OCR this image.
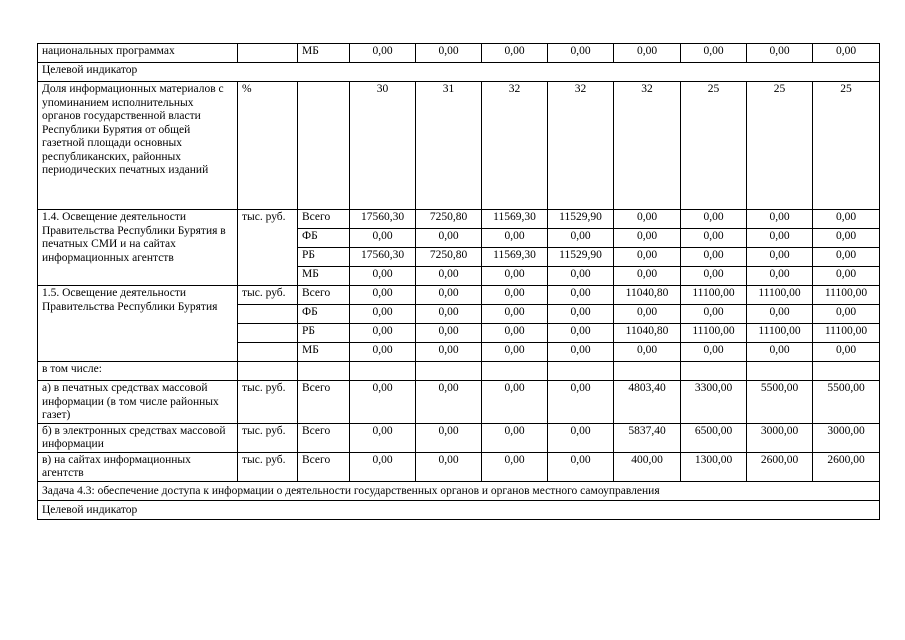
национальных программах		МБ	0,00	0,00	0,00	0,00	0,00	0,00	0,00	0,00
Целевой индикатор										
Доля информационных материалов с упоминанием исполнительных органов государственной власти Республики Бурятия от общей газетной площади основных республиканских, районных периодических печатных изданий	%		30	31	32	32	32	25	25	25
1.4. Освещение деятельности Правительства Республики Бурятия в печатных СМИ и на сайтах информационных агентств	тыс. руб.	Всего	17560,30	7250,80	11569,30	11529,90	0,00	0,00	0,00	0,00
		ФБ	0,00	0,00	0,00	0,00	0,00	0,00	0,00	0,00
		РБ	17560,30	7250,80	11569,30	11529,90	0,00	0,00	0,00	0,00
		МБ	0,00	0,00	0,00	0,00	0,00	0,00	0,00	0,00
1.5. Освещение деятельности Правительства Республики Бурятия	тыс. руб.	Всего	0,00	0,00	0,00	0,00	11040,80	11100,00	11100,00	11100,00
		ФБ	0,00	0,00	0,00	0,00	0,00	0,00	0,00	0,00
		РБ	0,00	0,00	0,00	0,00	11040,80	11100,00	11100,00	11100,00
		МБ	0,00	0,00	0,00	0,00	0,00	0,00	0,00	0,00
в том числе:										
а) в печатных средствах массовой информации (в том числе районных газет)	тыс. руб.	Всего	0,00	0,00	0,00	0,00	4803,40	3300,00	5500,00	5500,00
б) в электронных средствах массовой информации	тыс. руб.	Всего	0,00	0,00	0,00	0,00	5837,40	6500,00	3000,00	3000,00
в) на сайтах информационных агентств	тыс. руб.	Всего	0,00	0,00	0,00	0,00	400,00	1300,00	2600,00	2600,00
Задача 4.3: обеспечение доступа к информации о деятельности государственных органов и органов местного самоуправления										
Целевой индикатор										
